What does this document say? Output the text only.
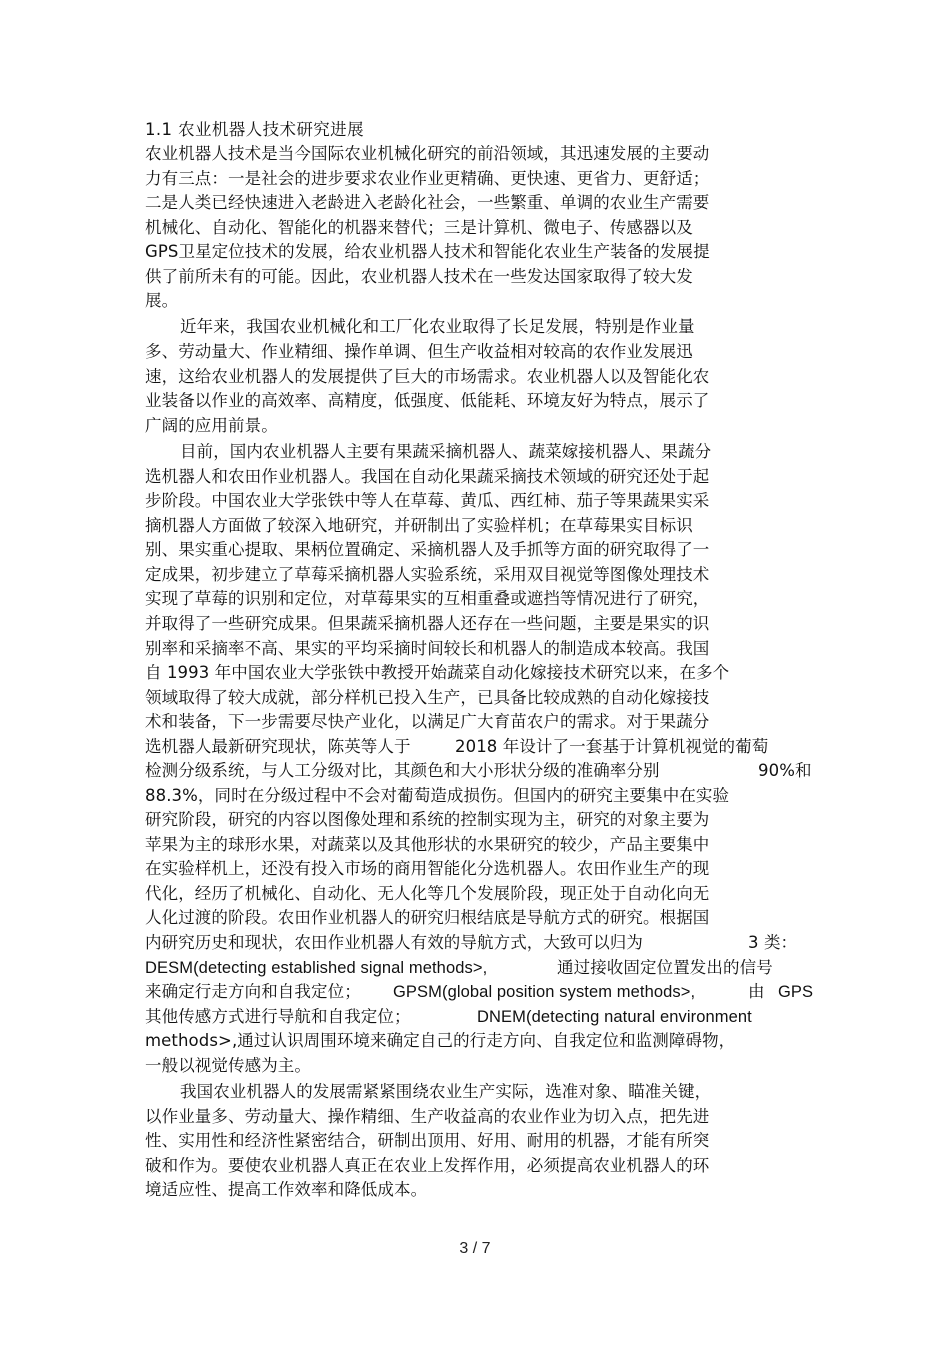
1.1 农业机器人技术研究进展
农业机器人技术是当今国际农业机械化研究的前沿领域，其迅速发展的主要动
力有三点：一是社会的进步要求农业作业更精确、更快速、更省力、更舒适；
二是人类已经快速进入老龄进入老龄化社会，一些繁重、单调的农业生产需要
机械化、自动化、智能化的机器来替代；三是计算机、微电子、传感器以及
GPS卫星定位技术的发展，给农业机器人技术和智能化农业生产装备的发展提
供了前所未有的可能。因此，农业机器人技术在一些发达国家取得了较大发
展。
近年来，我国农业机械化和工厂化农业取得了长足发展，特别是作业量
多、劳动量大、作业精细、操作单调、但生产收益相对较高的农作业发展迅
速，这给农业机器人的发展提供了巨大的市场需求。农业机器人以及智能化农
业装备以作业的高效率、高精度，低强度、低能耗、环境友好为特点，展示了
广阔的应用前景。
目前，国内农业机器人主要有果蔬采摘机器人、蔬菜嫁接机器人、果蔬分
选机器人和农田作业机器人。我国在自动化果蔬采摘技术领域的研究还处于起
步阶段。中国农业大学张铁中等人在草莓、黄瓜、西红柿、茄子等果蔬果实采
摘机器人方面做了较深入地研究，并研制出了实验样机；在草莓果实目标识
别、果实重心提取、果柄位置确定、采摘机器人及手抓等方面的研究取得了一
定成果，初步建立了草莓采摘机器人实验系统，采用双目视觉等图像处理技术
实现了草莓的识别和定位，对草莓果实的互相重叠或遮挡等情况进行了研究，
并取得了一些研究成果。但果蔬采摘机器人还存在一些问题，主要是果实的识
别率和采摘率不高、果实的平均采摘时间较长和机器人的制造成本较高。我国
自 1993 年中国农业大学张铁中教授开始蔬菜自动化嫁接技术研究以来，在多个
领域取得了较大成就，部分样机已投入生产，已具备比较成熟的自动化嫁接技
术和装备，下一步需要尽快产业化，以满足广大育苗农户的需求。对于果蔬分
选机器人最新研究现状，陈英等人于	2018 年设计了一套基于计算机视觉的葡萄
检测分级系统，与人工分级对比，其颜色和大小形状分级的准确率分别	90%和
88.3%，同时在分级过程中不会对葡萄造成损伤。但国内的研究主要集中在实验
研究阶段，研究的内容以图像处理和系统的控制实现为主，研究的对象主要为
苹果为主的球形水果，对蔬菜以及其他形状的水果研究的较少，产品主要集中
在实验样机上，还没有投入市场的商用智能化分选机器人。农田作业生产的现
代化，经历了机械化、自动化、无人化等几个发展阶段，现正处于自动化向无
人化过渡的阶段。农田作业机器人的研究归根结底是导航方式的研究。根据国
内研究历史和现状，农田作业机器人有效的导航方式，大致可以归为	3 类：
DESM(detecting established signal methods>,	通过接收固定位置发出的信号
来确定行走方向和自我定位； GPSM(global position system methods>,	由 GPS
其他传感方式进行导航和自我定位；	DNEM(detecting natural environment
methods>,通过认识周围环境来确定自己的行走方向、自我定位和监测障碍物，
一般以视觉传感为主。
我国农业机器人的发展需紧紧围绕农业生产实际，选准对象、瞄准关键，
以作业量多、劳动量大、操作精细、生产收益高的农业作业为切入点，把先进
性、实用性和经济性紧密结合，研制出顶用、好用、耐用的机器，才能有所突
破和作为。要使农业机器人真正在农业上发挥作用，必须提高农业机器人的环
境适应性、提高工作效率和降低成本。
3 / 7
